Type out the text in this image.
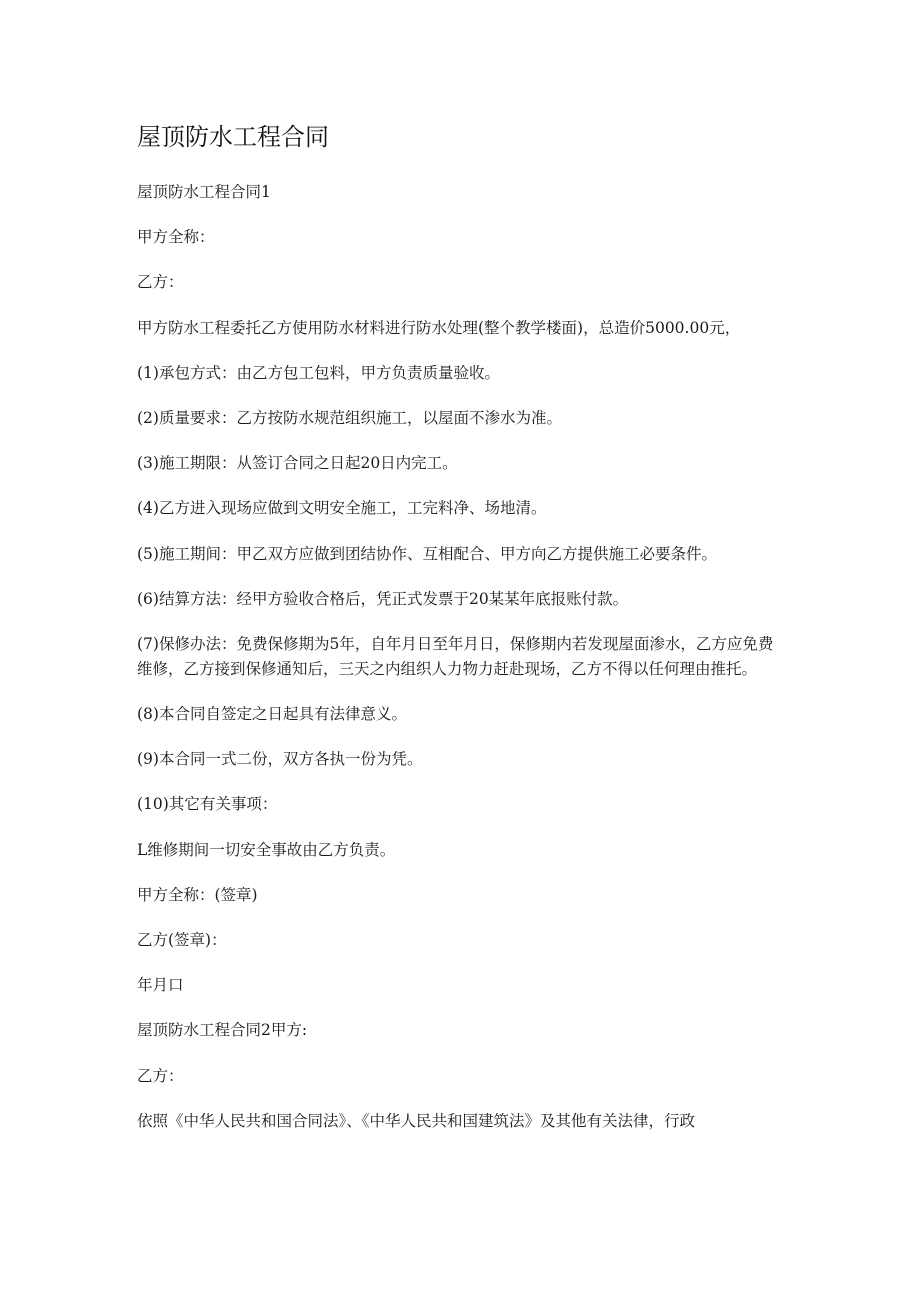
屋顶防水工程合同

屋顶防水工程合同1

甲方全称：

乙方：

甲方防水工程委托乙方使用防水材料进行防水处理(整个教学楼面)，总造价5000.00元，

(1)承包方式：由乙方包工包料，甲方负责质量验收。

(2)质量要求：乙方按防水规范组织施工，以屋面不渗水为准。

(3)施工期限：从签订合同之日起20日内完工。

(4)乙方进入现场应做到文明安全施工，工完料净、场地清。

(5)施工期间：甲乙双方应做到团结协作、互相配合、甲方向乙方提供施工必要条件。

(6)结算方法：经甲方验收合格后，凭正式发票于20某某年底报账付款。

(7)保修办法：免费保修期为5年，自年月日至年月日，保修期内若发现屋面渗水，乙方应免费维修，乙方接到保修通知后，三天之内组织人力物力赶赴现场，乙方不得以任何理由推托。

(8)本合同自签定之日起具有法律意义。

(9)本合同一式二份，双方各执一份为凭。

(10)其它有关事项：

L维修期间一切安全事故由乙方负责。

甲方全称：(签章)

乙方(签章)：

年月口

屋顶防水工程合同2甲方:

乙方：

依照《中华人民共和国合同法》、《中华人民共和国建筑法》及其他有关法律，行政
